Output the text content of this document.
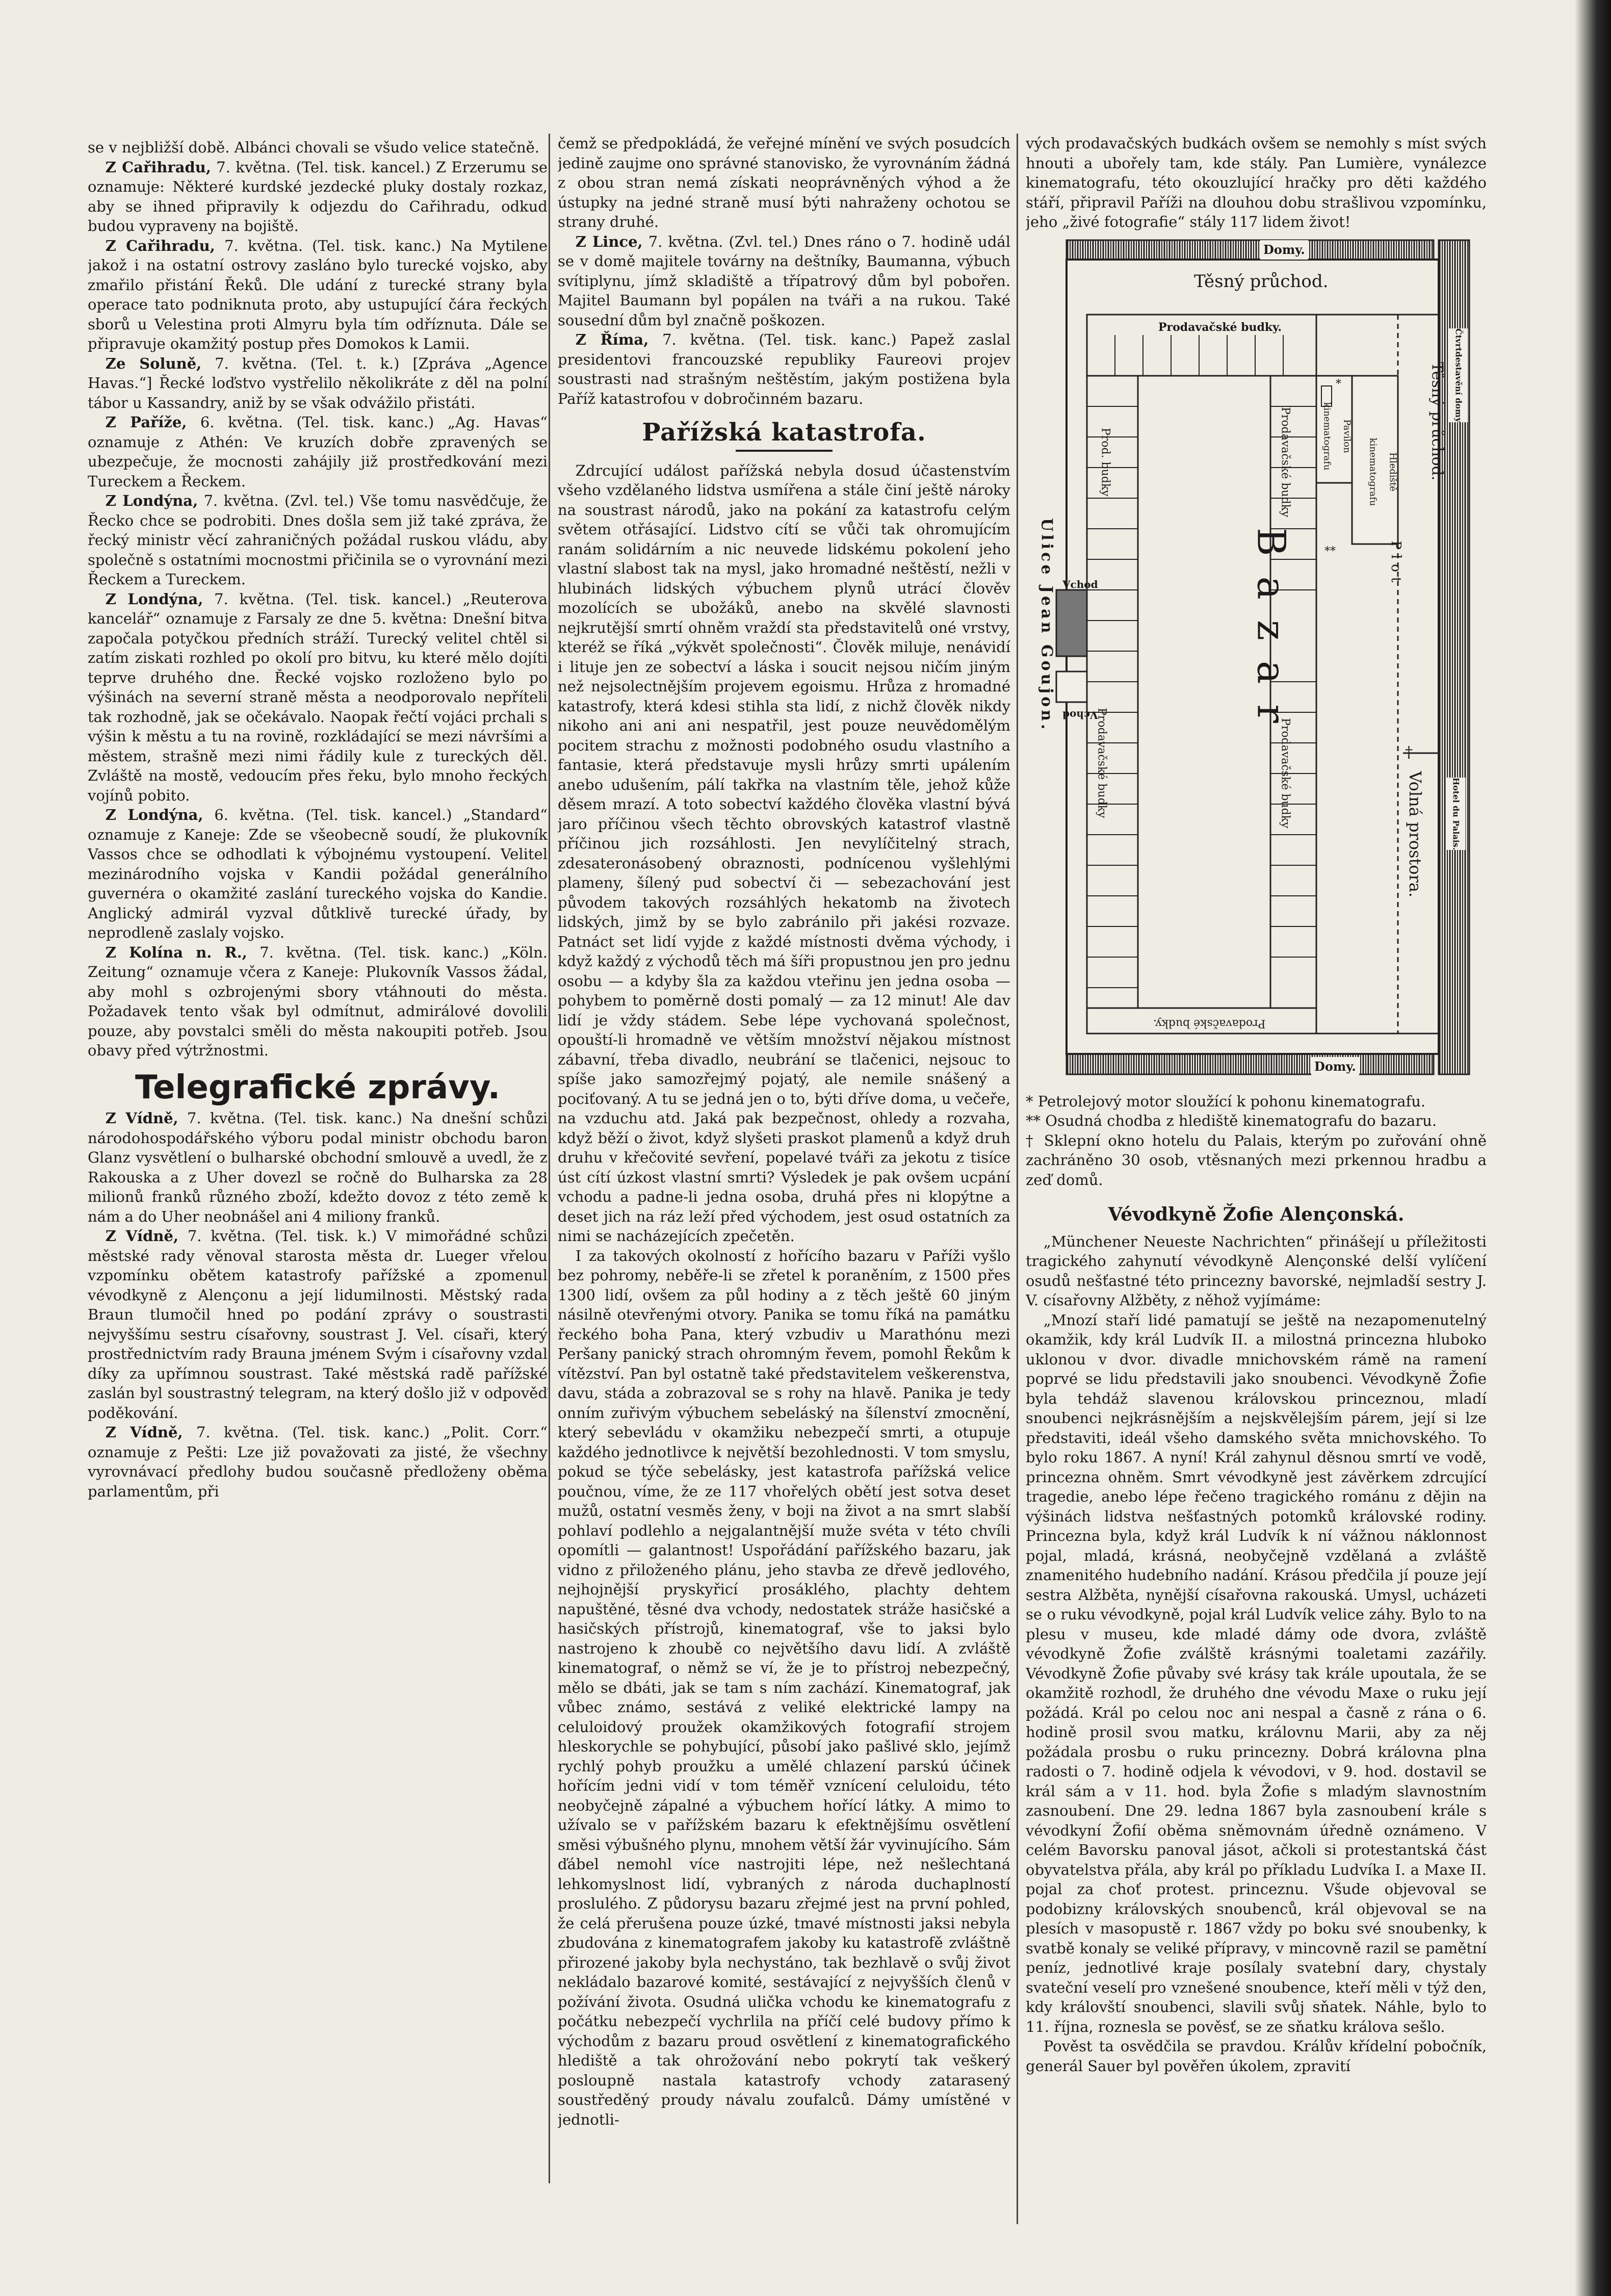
se v nejbližší době. Albánci chovali se všudo velice statečně.

Z Cařihradu, 7. května. (Tel. tisk. kancel.) Z Erzerumu se oznamuje: Některé kurdské jezdecké pluky dostaly rozkaz, aby se ihned připravily k odjezdu do Cařihradu, odkud budou vypraveny na bojiště.

Z Cařihradu, 7. května. (Tel. tisk. kanc.) Na Mytilene jakož i na ostatní ostrovy zasláno bylo turecké vojsko, aby zmařilo přistání Řeků. Dle udání z turecké strany byla operace tato podniknuta proto, aby ustupující čára řeckých sborů u Velestina proti Almyru byla tím odříznuta. Dále se připravuje okamžitý postup přes Domokos k Lamii.

Ze Soluně, 7. května. (Tel. t. k.) [Zpráva „Agence Havas.“] Řecké loďstvo vystřelilo několikráte z děl na polní tábor u Kassandry, aniž by se však odvážilo přistáti.

Z Paříže, 6. května. (Tel. tisk. kanc.) „Ag. Havas“ oznamuje z Athén: Ve kruzích dobře zpravených se ubezpečuje, že mocnosti zahájily již prostředkování mezi Tureckem a Řeckem.

Z Londýna, 7. května. (Zvl. tel.) Vše tomu nasvědčuje, že Řecko chce se podrobiti. Dnes došla sem již také zpráva, že řecký ministr věcí zahraničných požádal ruskou vládu, aby společně s ostatními mocnostmi přičinila se o vyrovnání mezi Řeckem a Tureckem.

Z Londýna, 7. května. (Tel. tisk. kancel.) „Reuterova kancelář“ oznamuje z Farsaly ze dne 5. května: Dnešní bitva započala potyčkou předních stráží. Turecký velitel chtěl si zatím ziskati rozhled po okolí pro bitvu, ku které mělo dojíti teprve druhého dne. Řecké vojsko rozloženo bylo po výšinách na severní straně města a neodporovalo nepříteli tak rozhodně, jak se očekávalo. Naopak řečtí vojáci prchali s výšin k městu a tu na rovině, rozkládající se mezi návršími a městem, strašně mezi nimi řádily kule z tureckých děl. Zvláště na mostě, vedoucím přes řeku, bylo mnoho řeckých vojínů pobito.

Z Londýna, 6. května. (Tel. tisk. kancel.) „Standard“ oznamuje z Kaneje: Zde se všeobecně soudí, že plukovník Vassos chce se odhodlati k výbojnému vystoupení. Velitel mezinárodního vojska v Kandii požádal generálního guvernéra o okamžité zaslání tureckého vojska do Kandie. Anglický admirál vyzval důtklivě turecké úřady, by neprodleně zaslaly vojsko.

Z Kolína n. R., 7. května. (Tel. tisk. kanc.) „Köln. Zeitung“ oznamuje včera z Kaneje: Plukovník Vassos žádal, aby mohl s ozbrojenými sbory vtáhnouti do města. Požadavek tento však byl odmítnut, admirálové dovolili pouze, aby povstalci směli do města nakoupiti potřeb. Jsou obavy před výtržnostmi.

Telegrafické zprávy.

Z Vídně, 7. května. (Tel. tisk. kanc.) Na dnešní schůzi národohospodářského výboru podal ministr obchodu baron Glanz vysvětlení o bulharské obchodní smlouvě a uvedl, že z Rakouska a z Uher dovezl se ročně do Bulharska za 28 milionů franků různého zboží, kdežto dovoz z této země k nám a do Uher neobnášel ani 4 miliony franků.

Z Vídně, 7. května. (Tel. tisk. k.) V mimořádné schůzi městské rady věnoval starosta města dr. Lueger vřelou vzpomínku obětem katastrofy pařížské a zpomenul vévodkyně z Alençonu a její lidumilnosti. Městský rada Braun tlumočil hned po podání zprávy o soustrasti nejvyššímu sestru císařovny, soustrast J. Vel. císaři, který prostřednictvím rady Brauna jménem Svým i císařovny vzdal díky za upřímnou soustrast. Také městská radě pařížské zaslán byl soustrastný telegram, na který došlo již v odpověď poděkování.

Z Vídně, 7. května. (Tel. tisk. kanc.) „Polit. Corr.“ oznamuje z Pešti: Lze již považovati za jisté, že všechny vyrovnávací předlohy budou současně předloženy oběma parlamentům, při

čemž se předpokládá, že veřejné mínění ve svých posudcích jedině zaujme ono správné stanovisko, že vyrovnáním žádná z obou stran nemá získati neoprávněných výhod a že ústupky na jedné straně musí býti nahraženy ochotou se strany druhé.

Z Lince, 7. května. (Zvl. tel.) Dnes ráno o 7. hodině udál se v domě majitele továrny na deštníky, Baumanna, výbuch svítiplynu, jímž skladiště a třípatrový dům byl pobořen. Majitel Baumann byl popálen na tváři a na rukou. Také sousední dům byl značně poškozen.

Z Říma, 7. května. (Tel. tisk. kanc.) Papež zaslal presidentovi francouzské republiky Faureovi projev soustrasti nad strašným neštěstím, jakým postižena byla Paříž katastrofou v dobročinném bazaru.

Pařížská katastrofa.

Zdrcující událost pařížská nebyla dosud účastenstvím všeho vzdělaného lidstva usmířena a stále činí ještě nároky na soustrast národů, jako na pokání za katastrofu celým světem otřásající. Lidstvo cítí se vůči tak ohromujícím ranám solidárním a nic neuvede lidskému pokolení jeho vlastní slabost tak na mysl, jako hromadné neštěstí, nežli v hlubinách lidských výbuchem plynů utrácí člověv mozolících se ubožáků, anebo na skvělé slavnosti nejkrutější smrtí ohněm vraždí sta představitelů oné vrstvy, kteréž se říká „výkvět společnosti“. Člověk miluje, nenávidí i lituje jen ze sobectví a láska i soucit nejsou ničím jiným než nejsolectnějším projevem egoismu. Hrůza z hromadné katastrofy, která kdesi stihla sta lidí, z nichž člověk nikdy nikoho ani ani ani nespatřil, jest pouze neuvědomělým pocitem strachu z možnosti podobného osudu vlastního a fantasie, která představuje mysli hrůzy smrti upálením anebo udušením, pálí takřka na vlastním těle, jehož kůže děsem mrazí. A toto sobectví každého člověka vlastní bývá jaro příčinou všech těchto obrovských katastrof vlastně příčinou jich rozsáhlosti. Jen nevylíčitelný strach, zdesateronásobený obraznosti, podnícenou vyšlehlými plameny, šílený pud sobectví či — sebezachování jest původem takových rozsáhlých hekatomb na životech lidských, jimž by se bylo zabránilo při jakési rozvaze. Patnáct set lidí vyjde z každé místnosti dvěma východy, i když každý z východů těch má šíři propustnou jen pro jednu osobu — a kdyby šla za každou vteřinu jen jedna osoba — pohybem to poměrně dosti pomalý — za 12 minut! Ale dav lidí je vždy stádem. Sebe lépe vychovaná společnost, opouští-li hromadně ve větším množství nějakou místnost zábavní, třeba divadlo, neubrání se tlačenici, nejsouc to spíše jako samozřejmý pojatý, ale nemile snášený a pociťovaný. A tu se jedná jen o to, býti dříve doma, u večeře, na vzduchu atd. Jaká pak bezpečnost, ohledy a rozvaha, když běží o život, když slyšeti praskot plamenů a když druh druhu v křečovité sevření, popelavé tváři za jekotu z tisíce úst cítí úzkost vlastní smrti? Výsledek je pak ovšem ucpání vchodu a padne-li jedna osoba, druhá přes ni klopýtne a deset jich na ráz leží před východem, jest osud ostatních za nimi se nacházejících zpečetěn.

I za takových okolností z hořícího bazaru v Paříži vyšlo bez pohromy, neběře-li se zřetel k poraněním, z 1500 přes 1300 lidí, ovšem za půl hodiny a z těch ještě 60 jiným násilně otevřenými otvory. Panika se tomu říká na památku řeckého boha Pana, který vzbudiv u Marathónu mezi Peršany panický strach ohromným řevem, pomohl Řekům k vítězství. Pan byl ostatně také představitelem veškerenstva, davu, stáda a zobrazoval se s rohy na hlavě. Panika je tedy onním zuřivým výbuchem sebeláský na šílenství zmocnění, který sebevládu v okamžiku nebezpečí smrti, a otupuje každého jednotlivce k největší bezohlednosti. V tom smyslu, pokud se týče sebelásky, jest katastrofa pařížská velice poučnou, víme, že ze 117 vhořelých obětí jest sotva deset mužů, ostatní vesměs ženy, v boji na život a na smrt slabší pohlaví podlehlo a nejgalantnější muže svéta v této chvíli opomítli — galantnost! Uspořádání pařížského bazaru, jak vidno z přiloženého plánu, jeho stavba ze dřevě jedlového, nejhojnější pryskyřicí prosáklého, plachty dehtem napuštěné, těsné dva vchody, nedostatek stráže hasičské a hasičských přístrojů, kinematograf, vše to jaksi bylo nastrojeno k zhoubě co největšího davu lidí. A zvláště kinematograf, o němž se ví, že je to přístroj nebezpečný, mělo se dbáti, jak se tam s ním zachází. Kinematograf, jak vůbec známo, sestává z veliké elektrické lampy na celuloidový proužek okamžikových fotografií strojem hleskorychle se pohybující, působí jako pašlivé sklo, jejímž rychlý pohyb proužku a umělé chlazení parskú účinek hořícím jedni vidí v tom téměř vznícení celuloidu, této neobyčejně zápalné a výbuchem hořící látky. A mimo to užívalo se v pařížském bazaru k efektnějšímu osvětlení směsi výbušného plynu, mnohem větší žár vyvinujícího. Sám ďábel nemohl více nastrojiti lépe, než nešlechtaná lehkomyslnost lidí, vybraných z národa duchaplností proslulého. Z půdorysu bazaru zřejmé jest na první pohled, že celá přerušena pouze úzké, tmavé místnosti jaksi nebyla zbudována z kinematografem jakoby ku katastrofě zvláštně přirozené jakoby byla nechystáno, tak bezhlavě o svůj život nekládalo bazarové komité, sestávající z nejvyšších členů v požívání života. Osudná ulička vchodu ke kinematografu z počátku nebezpečí vychrlila na příčí celé budovy přímo k východům z bazaru proud osvětlení z kinematografického hlediště a tak ohrožování nebo pokrytí tak veškerý posloupně nastala katastrofy vchody zatarasený soustředěný proudy návalu zoufalců. Dámy umístěné v jednotli-

vých prodavačských budkách ovšem se nemohly s míst svých hnouti a ubořely tam, kde stály. Pan Lumière, vynálezce kinematografu, této okouzlující hračky pro děti každého stáří, připravil Paříži na dlouhou dobu strašlivou vzpomínku, jeho „živé fotografie“ stály 117 lidem život!

Domy.
Těsný průchod.
Prodavačské budky.
Prod. budky
Prodavačské budky
Prodavačské budky
Prodavačské budky
Prodavačské budky.
Pavilon kinematografu
Hlediště kinematografu
Bazar
Vchod
Vchod
Ulice Jean Goujon.	Plot
Volná prostora.
Těsný průchod. Čtvrtdestavění domy
Hotel du Palais.
Domy.
*
**
†

* Petrolejový motor sloužící k pohonu kinematografu.

** Osudná chodba z hlediště kinematografu do bazaru.

† Sklepní okno hotelu du Palais, kterým po zuřování ohně zachráněno 30 osob, vtěsnaných mezi prkennou hradbu a zeď domů.

Vévodkyně Žofie Alençonská.

„Münchener Neueste Nachrichten“ přinášejí u příležitosti tragického zahynutí vévodkyně Alençonské delší vylíčení osudů nešťastné této princezny bavorské, nejmladší sestry J. V. císařovny Alžběty, z něhož vyjímáme:

„Mnozí staří lidé pamatují se ještě na nezapomenutelný okamžik, kdy král Ludvík II. a milostná princezna hluboko uklonou v dvor. divadle mnichovském rámě na ramení poprvé se lidu představili jako snoubenci. Vévodkyně Žofie byla tehdáž slavenou královskou princeznou, mladí snoubenci nejkrásnějším a nejskvělejším párem, její si lze představiti, ideál všeho damského světa mnichovského. To bylo roku 1867. A nyní! Král zahynul děsnou smrtí ve vodě, princezna ohněm. Smrt vévodkyně jest závěrkem zdrcující tragedie, anebo lépe řečeno tragického románu z dějin na výšinách lidstva nešťastných potomků královské rodiny. Princezna byla, když král Ludvík k ní vážnou náklonnost pojal, mladá, krásná, neobyčejně vzdělaná a zvláště znamenitého hudebního nadání. Krásou předčila jí pouze její sestra Alžběta, nynější císařovna rakouská. Umysl, ucházeti se o ruku vévodkyně, pojal král Ludvík velice záhy. Bylo to na plesu v museu, kde mladé dámy ode dvora, zvláště vévodkyně Žofie zválště krásnými toaletami zazářily. Vévodkyně Žofie půvaby své krásy tak krále upoutala, že se okamžitě rozhodl, že druhého dne vévodu Maxe o ruku její požádá. Král po celou noc ani nespal a časně z rána o 6. hodině prosil svou matku, královnu Marii, aby za něj požádala prosbu o ruku princezny. Dobrá královna plna radosti o 7. hodině odjela k vévodovi, v 9. hod. dostavil se král sám a v 11. hod. byla Žofie s mladým slavnostním zasnoubení. Dne 29. ledna 1867 byla zasnoubení krále s vévodkyní Žofií oběma sněmovnám úředně oznámeno. V celém Bavorsku panoval jásot, ačkoli si protestantská část obyvatelstva přála, aby král po příkladu Ludvíka I. a Maxe II. pojal za choť protest. princeznu. Všude objevoval se podobizny královských snoubenců, král objevoval se na plesích v masopustě r. 1867 vždy po boku své snoubenky, k svatbě konaly se veliké přípravy, v mincovně razil se pamětní peníz, jednotlivé kraje posílaly svatební dary, chystaly svateční veselí pro vznešené snoubence, kteří měli v týž den, kdy královští snoubenci, slavili svůj sňatek. Náhle, bylo to 11. října, roznesla se pověsť, se ze sňatku králova sešlo.

Pověst ta osvědčila se pravdou. Králův křídelní pobočník, generál Sauer byl pověřen úkolem, zpravití
